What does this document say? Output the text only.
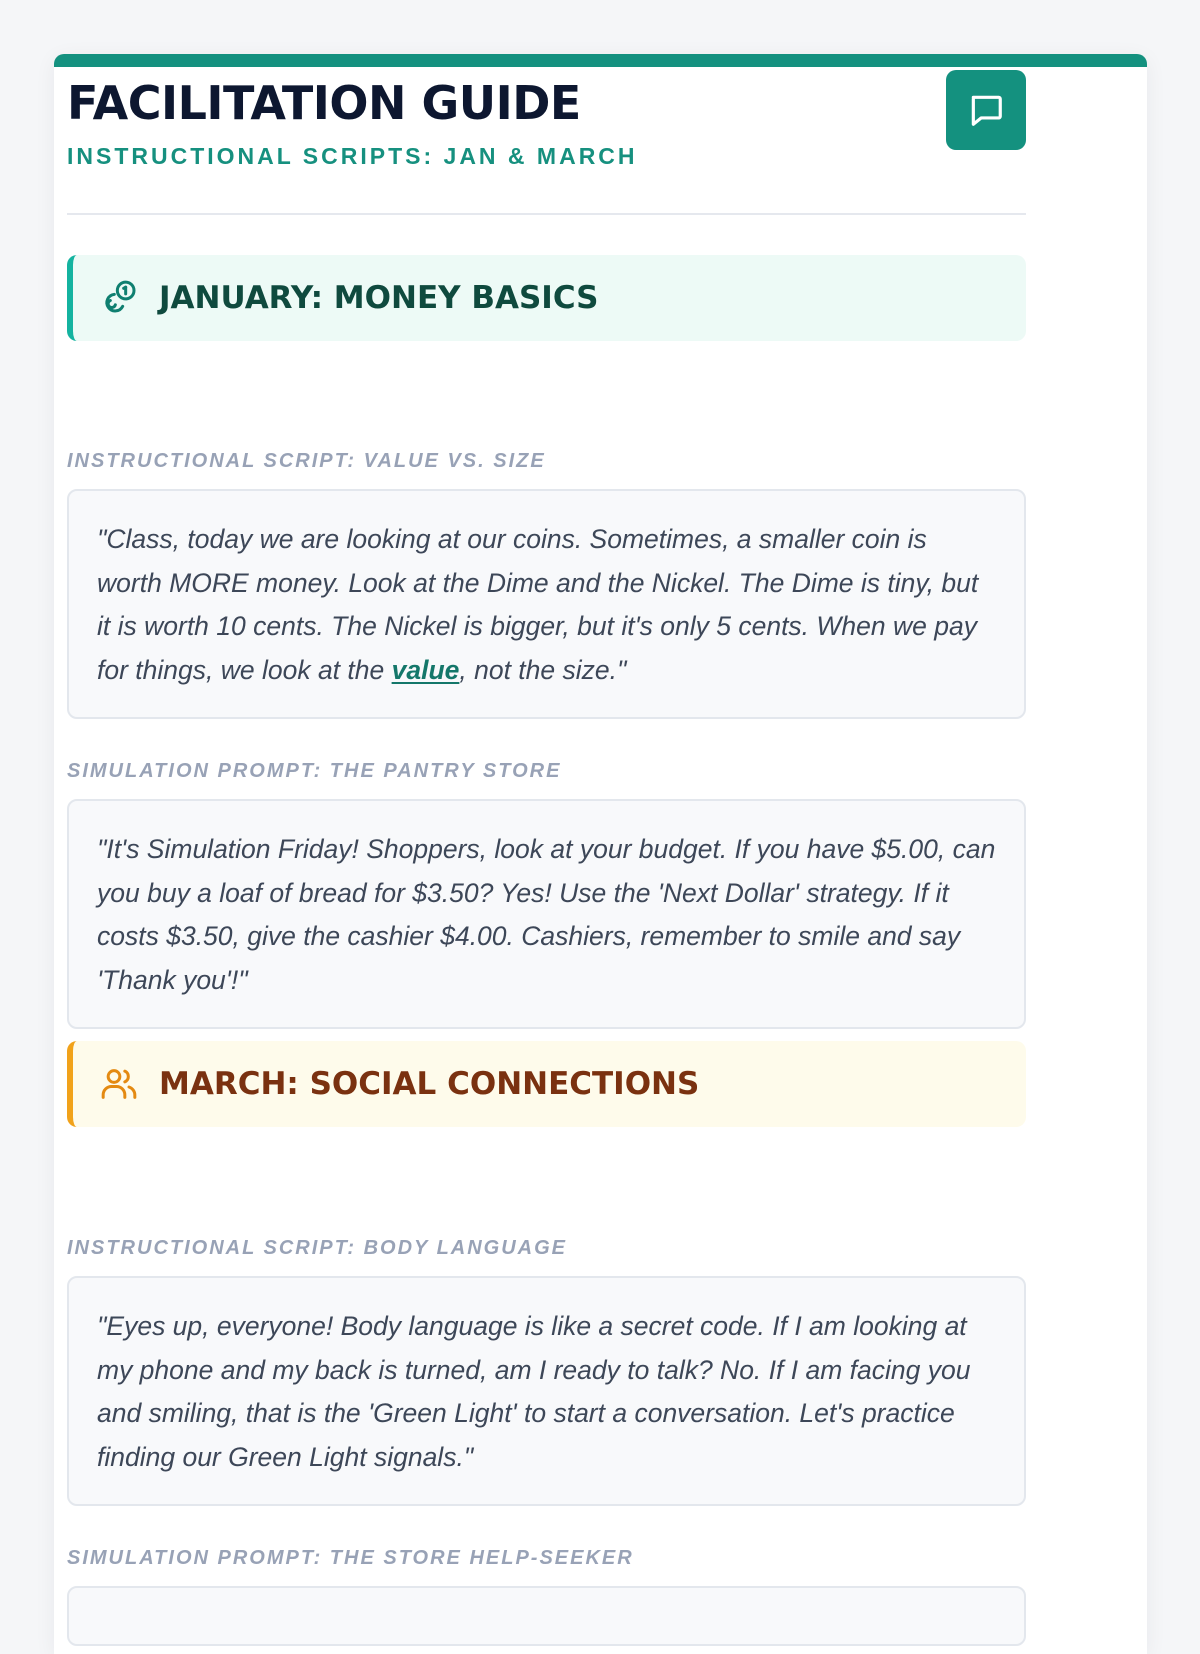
FACILITATION GUIDE
INSTRUCTIONAL SCRIPTS: JAN & MARCH
JANUARY: MONEY BASICS
INSTRUCTIONAL SCRIPT: VALUE VS. SIZE
"Class, today we are looking at our coins. Sometimes, a smaller coin is worth MORE money. Look at the Dime and the Nickel. The Dime is tiny, but it is worth 10 cents. The Nickel is bigger, but it's only 5 cents. When we pay for things, we look at the value, not the size."
SIMULATION PROMPT: THE PANTRY STORE
"It's Simulation Friday! Shoppers, look at your budget. If you have $5.00, can you buy a loaf of bread for $3.50? Yes! Use the 'Next Dollar' strategy. If it costs $3.50, give the cashier $4.00. Cashiers, remember to smile and say 'Thank you'!"
MARCH: SOCIAL CONNECTIONS
INSTRUCTIONAL SCRIPT: BODY LANGUAGE
"Eyes up, everyone! Body language is like a secret code. If I am looking at my phone and my back is turned, am I ready to talk? No. If I am facing you and smiling, that is the 'Green Light' to start a conversation. Let's practice finding our Green Light signals."
SIMULATION PROMPT: THE STORE HELP-SEEKER
